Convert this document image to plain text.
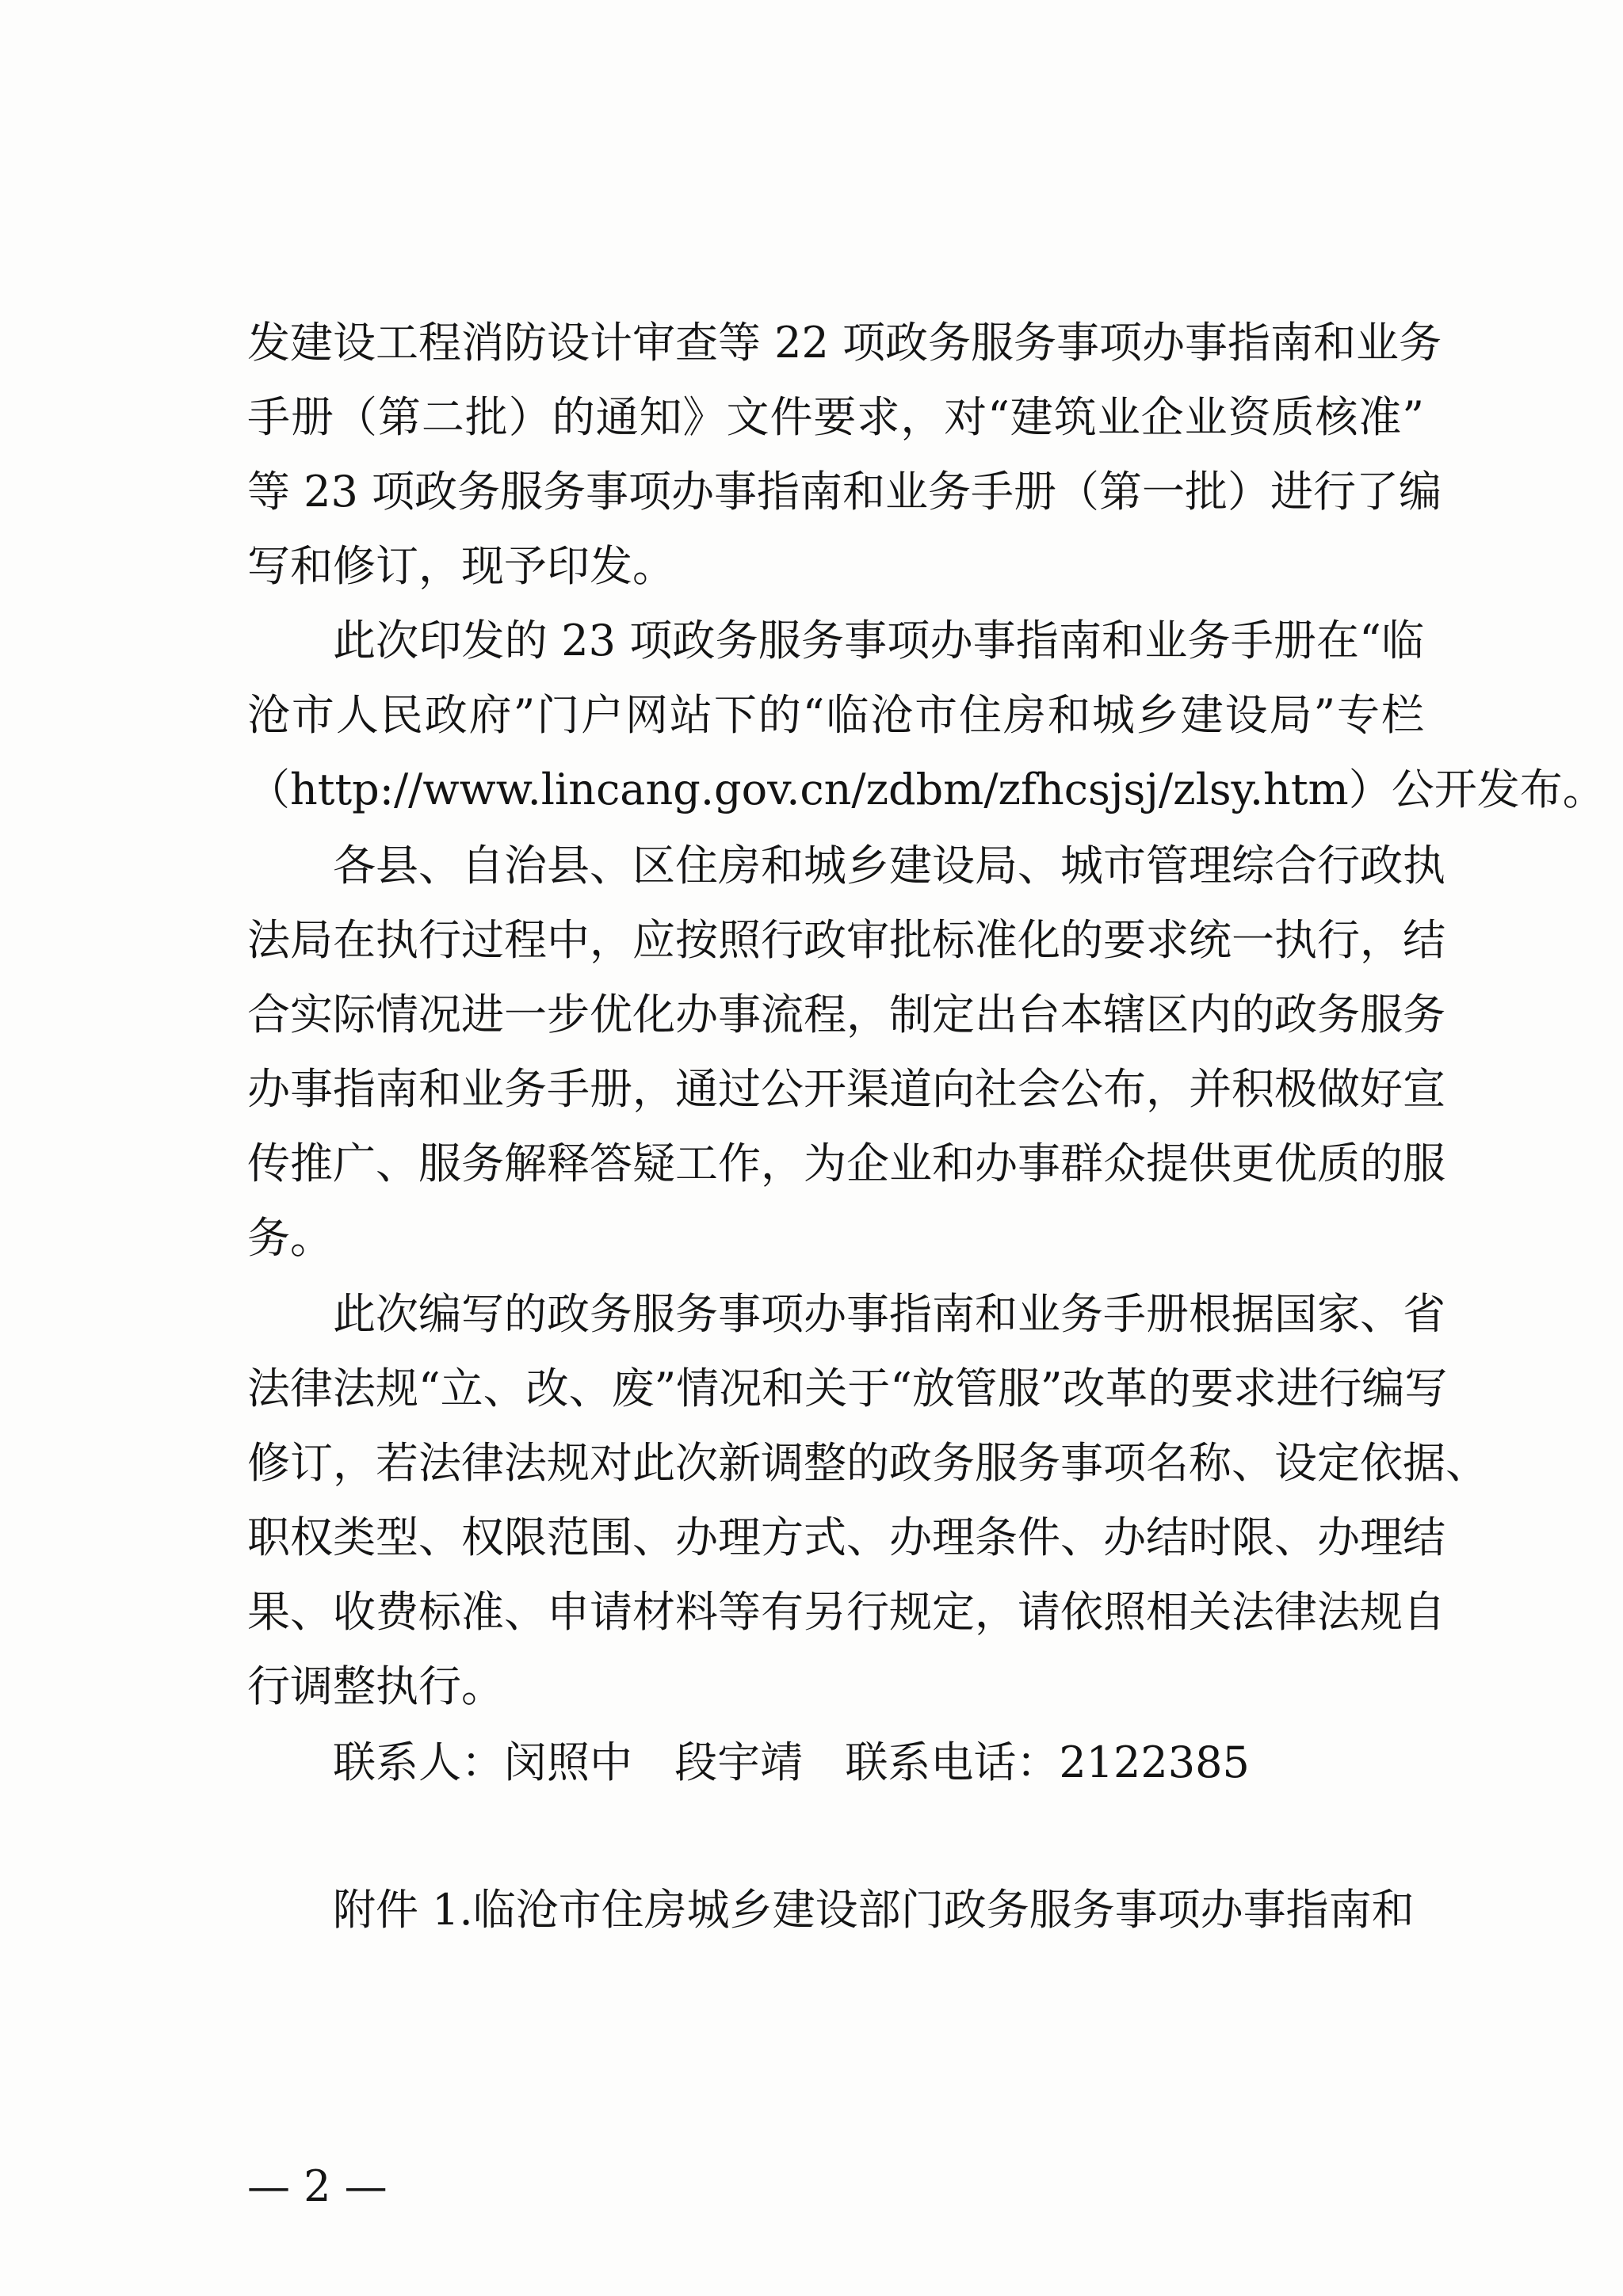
发建设工程消防设计审查等 22 项政务服务事项办事指南和业务
手册（第二批）的通知》文件要求，对“建筑业企业资质核准”
等 23 项政务服务事项办事指南和业务手册（第一批）进行了编
写和修订，现予印发。
此次印发的 23 项政务服务事项办事指南和业务手册在“临
沧市人民政府”门户网站下的“临沧市住房和城乡建设局”专栏
（http://www.lincang.gov.cn/zdbm/zfhcsjsj/zlsy.htm）公开发布。
各县、自治县、区住房和城乡建设局、城市管理综合行政执
法局在执行过程中，应按照行政审批标准化的要求统一执行，结
合实际情况进一步优化办事流程，制定出台本辖区内的政务服务
办事指南和业务手册，通过公开渠道向社会公布，并积极做好宣
传推广、服务解释答疑工作，为企业和办事群众提供更优质的服
务。
此次编写的政务服务事项办事指南和业务手册根据国家、省
法律法规“立、改、废”情况和关于“放管服”改革的要求进行编写
修订，若法律法规对此次新调整的政务服务事项名称、设定依据、
职权类型、权限范围、办理方式、办理条件、办结时限、办理结
果、收费标准、申请材料等有另行规定，请依照相关法律法规自
行调整执行。
联系人：闵照中 段宇靖 联系电话：2122385
附件 1.临沧市住房城乡建设部门政务服务事项办事指南和
— 2 —
